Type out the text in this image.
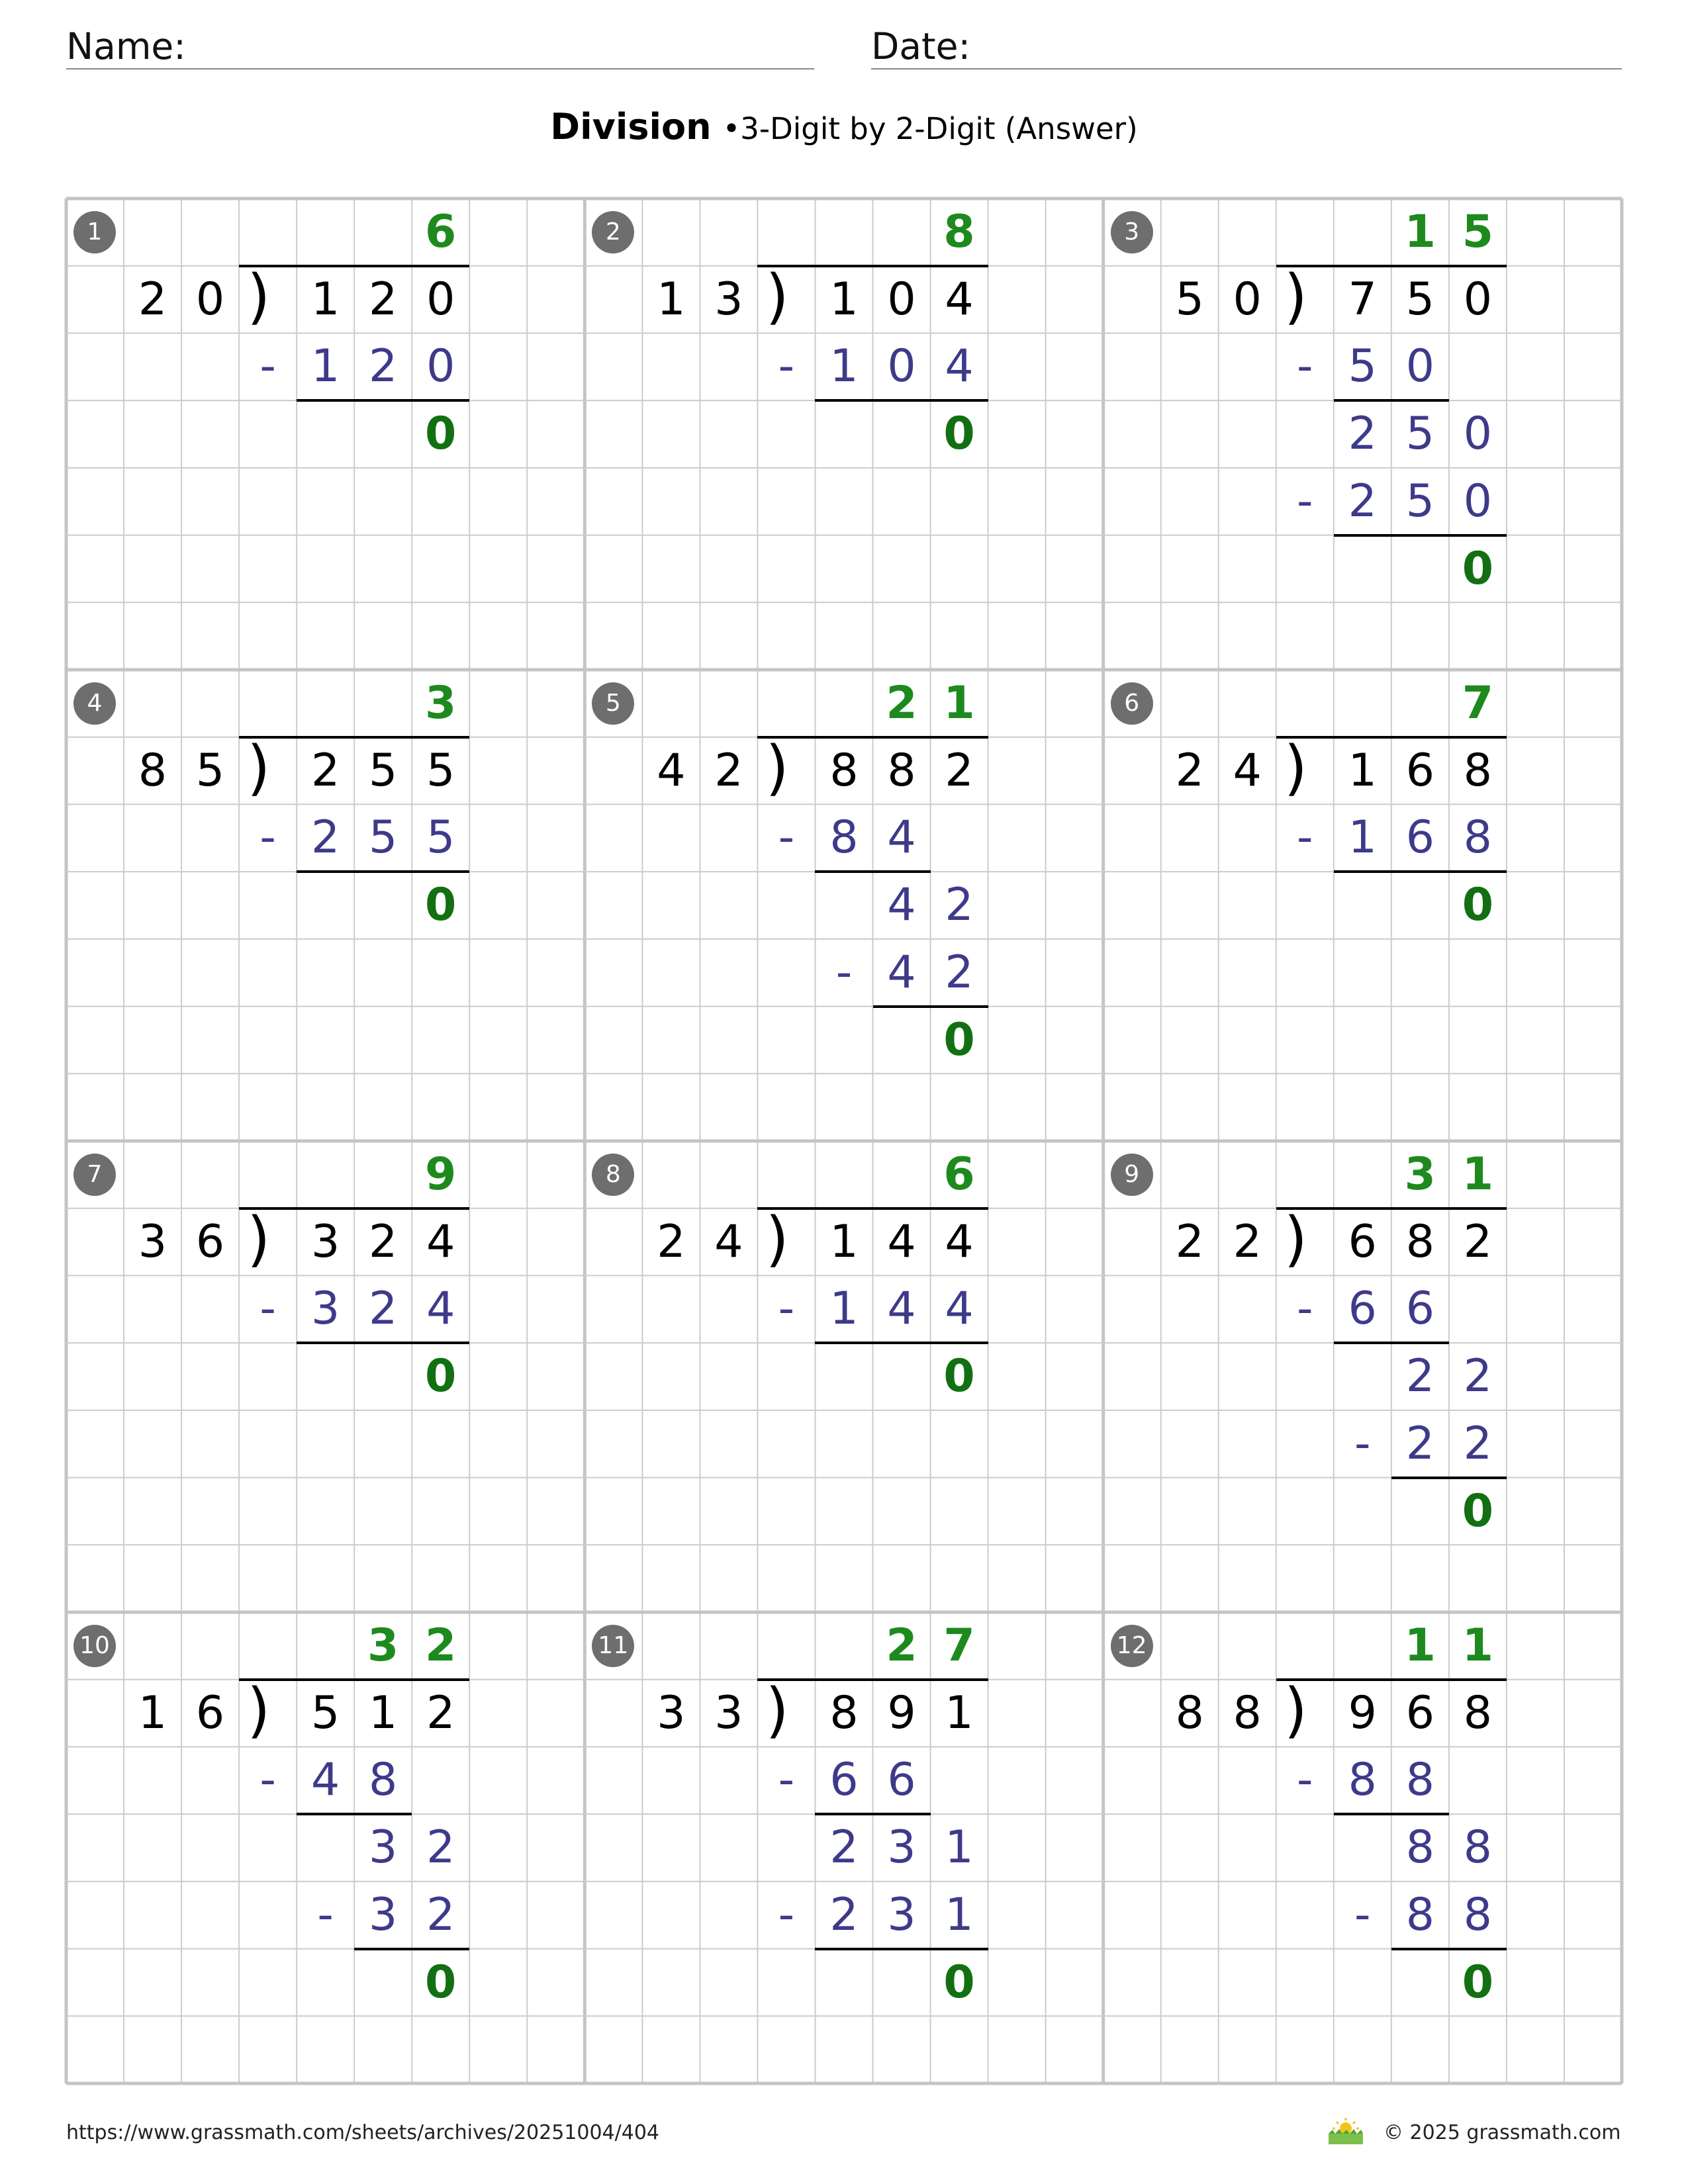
Name:	Date:
Division •3-Digit by 2-Digit (Answer)
1	6
2 0 ) 1 2 0
- 1 2 0
0
2	8
1 3 ) 1 0 4
- 1 0 4
0
3	1 5
5 0 ) 7 5 0
- 5 0
2 5 0
- 2 5 0
0
4	3
8 5 ) 2 5 5
- 2 5 5
0
5	2 1
4 2 ) 8 8 2
- 8 4
4 2
- 4 2
0
6	7
2 4 ) 1 6 8
- 1 6 8
0
7	9
3 6 ) 3 2 4
- 3 2 4
0
8	6
2 4 ) 1 4 4
- 1 4 4
0
9	3 1
2 2 ) 6 8 2
- 6 6
2 2
- 2 2
0
10	3 2
1 6 ) 5 1 2
- 4 8
3 2
- 3 2
0
11	2 7
3 3 ) 8 9 1
- 6 6
2 3 1
- 2 3 1
0
12	1 1
8 8 ) 9 6 8
- 8 8
8 8
- 8 8
0
https://www.grassmath.com/sheets/archives/20251004/404	© 2025 grassmath.com
